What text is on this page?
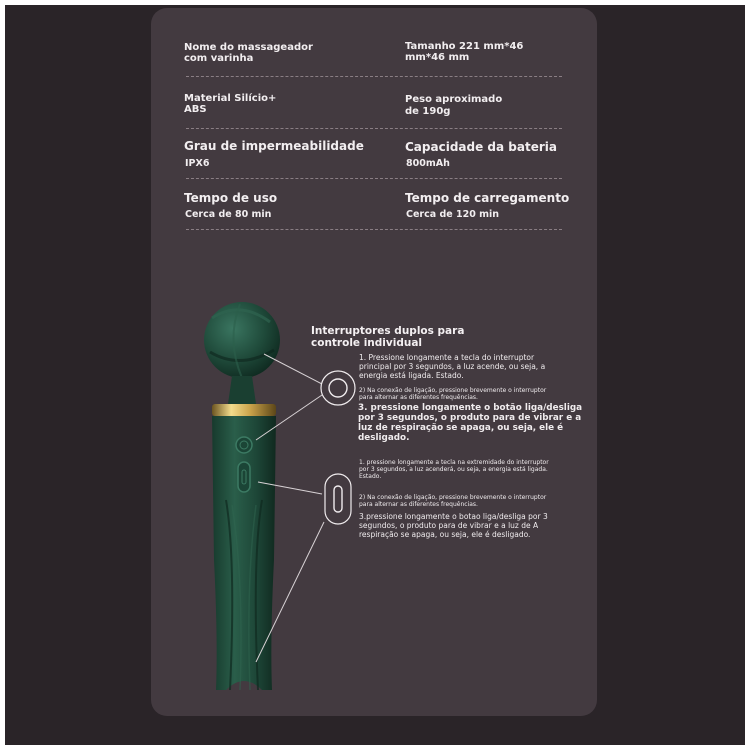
Nome do massageador com varinha
Tamanho 221 mm*46 mm*46 mm
Material Silício+ ABS
Peso aproximado
de 190g
Grau de impermeabilidade
IPX6
Capacidade da bateria
800mAh
Tempo de uso
Cerca de 80 min
Tempo de carregamento
Cerca de 120 min
Interruptores duplos para controle individual
1. Pressione longamente a tecla do interruptor principal por 3 segundos, a luz acende, ou seja, a energia está ligada. Estado.
2) Na conexão de ligação, pressione brevemente o interruptor para alternar as diferentes frequências.
3. pressione longamente o botão liga/desliga por 3 segundos, o produto para de vibrar e a luz de respiração se apaga, ou seja, ele é desligado.
1. pressione longamente a tecla na extremidade do interruptor por 3 segundos, a luz acenderá, ou seja, a energia está ligada. Estado.
2) Na conexão de ligação, pressione brevemente o interruptor para alternar as diferentes frequências.
3.pressione longamente o botao liga/desliga por 3 segundos, o produto para de vibrar e a luz de A respiração se apaga, ou seja, ele é desligado.
